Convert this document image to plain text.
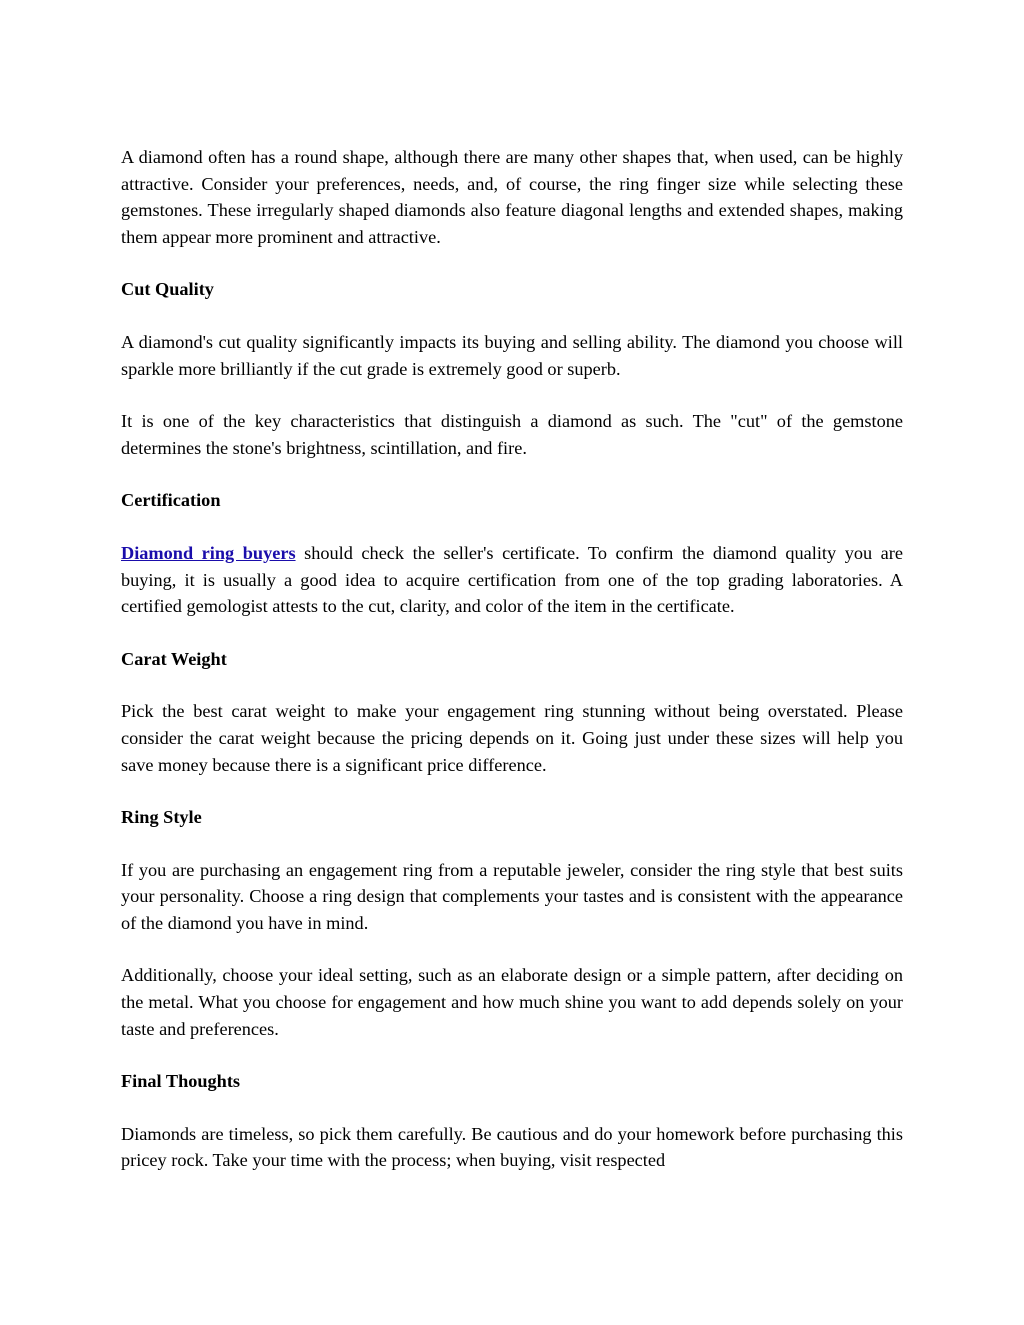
A diamond often has a round shape, although there are many other shapes that, when used, can be highly attractive. Consider your preferences, needs, and, of course, the ring finger size while selecting these gemstones. These irregularly shaped diamonds also feature diagonal lengths and extended shapes, making them appear more prominent and attractive.

Cut Quality

A diamond's cut quality significantly impacts its buying and selling ability. The diamond you choose will sparkle more brilliantly if the cut grade is extremely good or superb.

It is one of the key characteristics that distinguish a diamond as such. The "cut" of the gemstone determines the stone's brightness, scintillation, and fire.

Certification

Diamond ring buyers should check the seller's certificate. To confirm the diamond quality you are buying, it is usually a good idea to acquire certification from one of the top grading laboratories. A certified gemologist attests to the cut, clarity, and color of the item in the certificate.

Carat Weight

Pick the best carat weight to make your engagement ring stunning without being overstated. Please consider the carat weight because the pricing depends on it. Going just under these sizes will help you save money because there is a significant price difference.

Ring Style

If you are purchasing an engagement ring from a reputable jeweler, consider the ring style that best suits your personality. Choose a ring design that complements your tastes and is consistent with the appearance of the diamond you have in mind.

Additionally, choose your ideal setting, such as an elaborate design or a simple pattern, after deciding on the metal. What you choose for engagement and how much shine you want to add depends solely on your taste and preferences.

Final Thoughts

Diamonds are timeless, so pick them carefully. Be cautious and do your homework before purchasing this pricey rock. Take your time with the process; when buying, visit respected
